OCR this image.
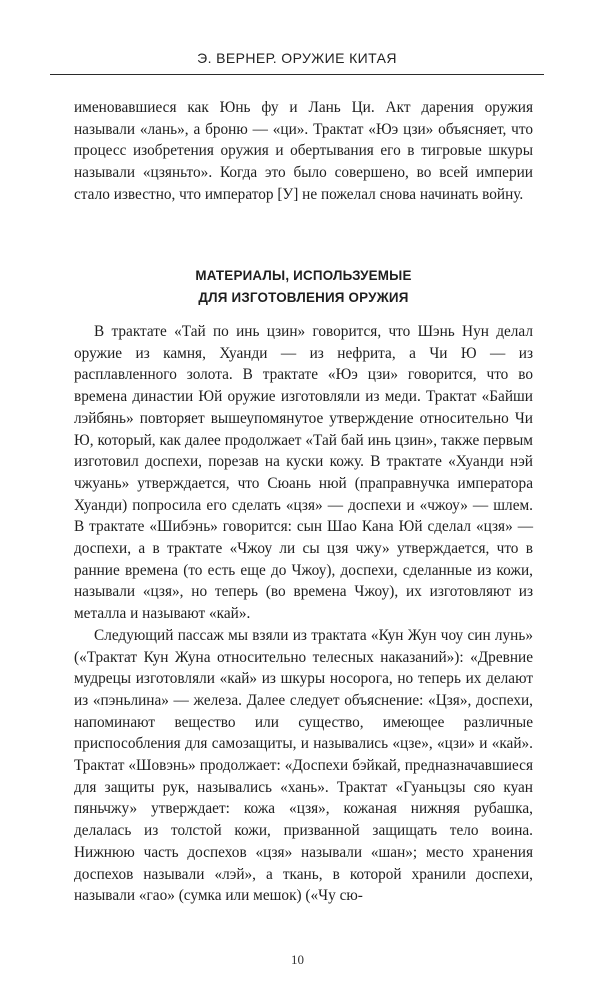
Э. ВЕРНЕР. ОРУЖИЕ КИТАЯ

именовавшиеся как Юнь фу и Лань Ци. Акт дарения оружия называли «лань», а броню — «ци». Трактат «Юэ цзи» объясняет, что процесс изобретения оружия и обертывания его в тигровые шкуры называли «цзяньто». Когда это было совершено, во всей империи стало известно, что император [У] не пожелал снова начинать войну.

МАТЕРИАЛЫ, ИСПОЛЬЗУЕМЫЕ
ДЛЯ ИЗГОТОВЛЕНИЯ ОРУЖИЯ

В трактате «Тай по инь цзин» говорится, что Шэнь Нун делал оружие из камня, Хуанди — из нефрита, а Чи Ю — из расплавленного золота. В трактате «Юэ цзи» говорится, что во времена династии Юй оружие изготовляли из меди. Трактат «Байши лэйбянь» повторяет вышеупомянутое утверждение относительно Чи Ю, который, как далее продолжает «Тай бай инь цзин», также первым изготовил доспехи, порезав на куски кожу. В трактате «Хуанди нэй чжуань» утверждается, что Сюань нюй (праправнучка императора Хуанди) попросила его сделать «цзя» — доспехи и «чжоу» — шлем. В трактате «Шибэнь» говорится: сын Шао Кана Юй сделал «цзя» — доспехи, а в трактате «Чжоу ли сы цзя чжу» утверждается, что в ранние времена (то есть еще до Чжоу), доспехи, сделанные из кожи, называли «цзя», но теперь (во времена Чжоу), их изготовляют из металла и называют «кай».

Следующий пассаж мы взяли из трактата «Кун Жун чоу син лунь» («Трактат Кун Жуна относительно телесных наказаний»): «Древние мудрецы изготовляли «кай» из шкуры носорога, но теперь их делают из «пэньлина» — железа. Далее следует объяснение: «Цзя», доспехи, напоминают вещество или существо, имеющее различные приспособления для самозащиты, и назывались «цзе», «цзи» и «кай». Трактат «Шовэнь» продолжает: «Доспехи бэйкай, предназначавшиеся для защиты рук, назывались «хань». Трактат «Гуаньцзы сяо куан пяньчжу» утверждает: кожа «цзя», кожаная нижняя рубашка, делалась из толстой кожи, призванной защищать тело воина. Нижнюю часть доспехов «цзя» называли «шан»; место хранения доспехов называли «лэй», а ткань, в которой хранили доспехи, называли «гао» (сумка или мешок) («Чу сю-

10
